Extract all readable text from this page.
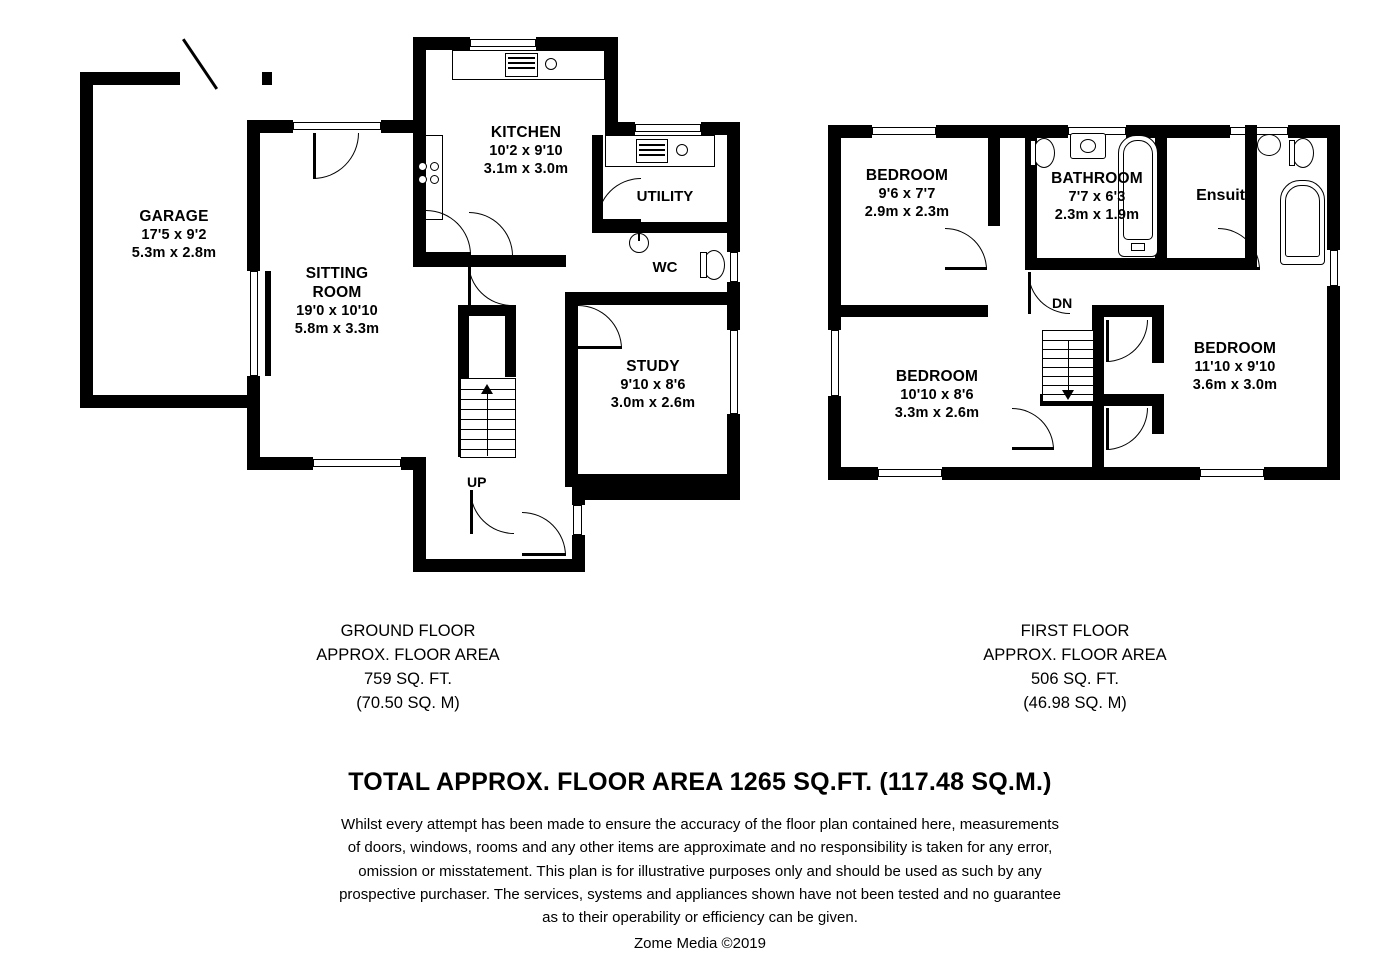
UP
GARAGE
17'5 x 9'2
5.3m x 2.8m
KITCHEN
10'2 x 9'10
3.1m x 3.0m
SITTING
ROOM
19'0 x 10'10
5.8m x 3.3m
STUDY
9'10 x 8'6
3.0m x 2.6m
UTILITY
WC
DN
BEDROOM
9'6 x 7'7
2.9m x 2.3m
BATHROOM
7'7 x 6'3
2.3m x 1.9m
Ensuite
BEDROOM
10'10 x 8'6
3.3m x 2.6m
BEDROOM
11'10 x 9'10
3.6m x 3.0m
GROUND FLOOR
APPROX. FLOOR AREA
759 SQ. FT.
(70.50 SQ. M)
FIRST FLOOR
APPROX. FLOOR AREA
506 SQ. FT.
(46.98 SQ. M)
TOTAL APPROX. FLOOR AREA 1265 SQ.FT. (117.48 SQ.M.)
Whilst every attempt has been made to ensure the accuracy of the floor plan contained here, measurements
of doors, windows, rooms and any other items are approximate and no responsibility is taken for any error,
omission or misstatement. This plan is for illustrative purposes only and should be used as such by any
prospective purchaser. The services, systems and appliances shown have not been tested and no guarantee
as to their operability or efficiency can be given.
Zome Media ©2019
